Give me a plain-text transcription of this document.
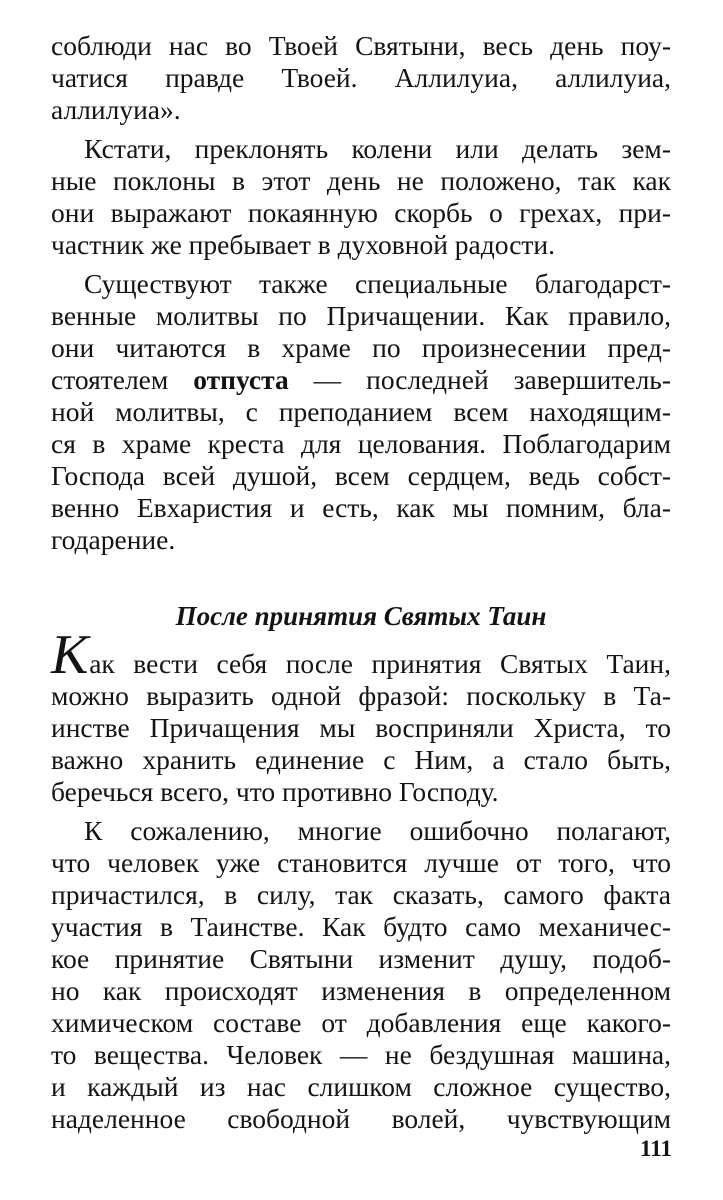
соблюди нас во Твоей Святыни, весь день поу-
чатися правде Твоей. Аллилуиа, аллилуиа,
аллилуиа».
Кстати, преклонять колени или делать зем-
ные поклоны в этот день не положено, так как
они выражают покаянную скорбь о грехах, при-
частник же пребывает в духовной радости.
Существуют также специальные благодарст-
венные молитвы по Причащении. Как правило,
они читаются в храме по произнесении пред-
стоятелем отпуста — последней завершитель-
ной молитвы, с преподанием всем находящим-
ся в храме креста для целования. Поблагодарим
Господа всей душой, всем сердцем, ведь собст-
венно Евхаристия и есть, как мы помним, бла-
годарение.
После принятия Святых Таин
Как вести себя после принятия Святых Таин,
можно выразить одной фразой: поскольку в Та-
инстве Причащения мы восприняли Христа, то
важно хранить единение с Ним, а стало быть,
беречься всего, что противно Господу.
К сожалению, многие ошибочно полагают,
что человек уже становится лучше от того, что
причастился, в силу, так сказать, самого факта
участия в Таинстве. Как будто само механичес-
кое принятие Святыни изменит душу, подоб-
но как происходят изменения в определенном
химическом составе от добавления еще какого-
то вещества. Человек — не бездушная машина,
и каждый из нас слишком сложное существо,
наделенное свободной волей, чувствующим
111
